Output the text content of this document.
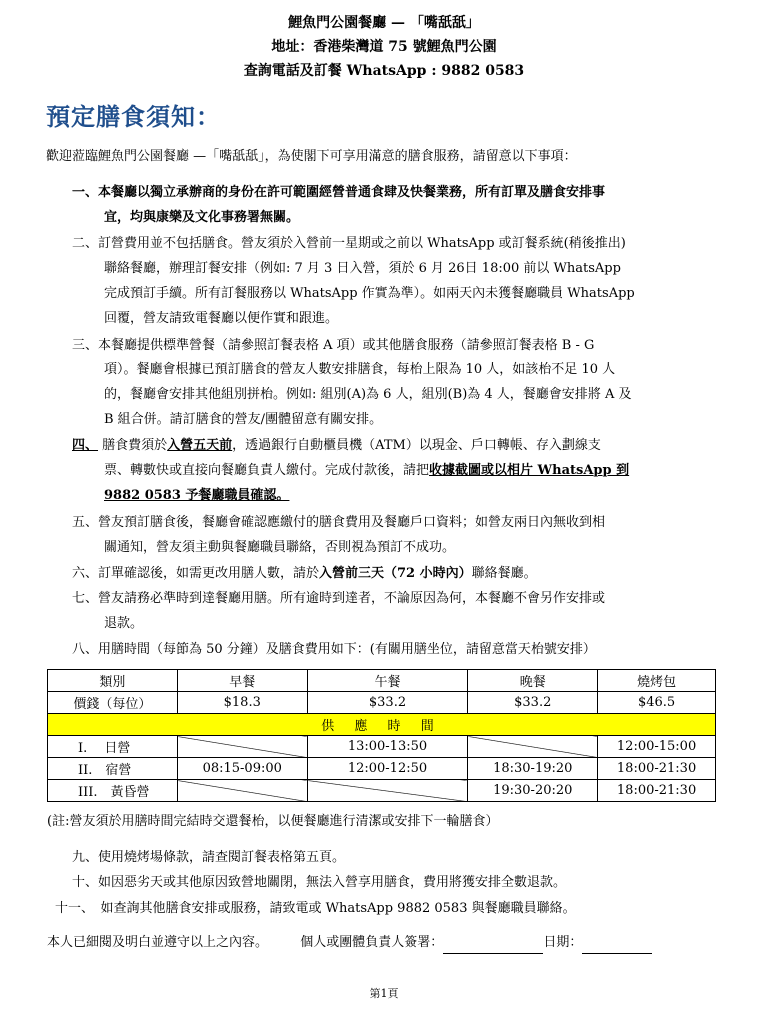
鯉魚門公園餐廳 — 「嘴舐舐」
地址：香港柴灣道 75 號鯉魚門公園
查詢電話及訂餐 WhatsApp : 9882 0583
預定膳食須知：
歡迎蒞臨鯉魚門公園餐廳 —「嘴舐舐」，為使閣下可享用滿意的膳食服務，請留意以下事項：
一、本餐廳以獨立承辦商的身份在許可範圍經營普通食肆及快餐業務，所有訂單及膳食安排事
宜，均與康樂及文化事務署無關。
二、訂營費用並不包括膳食。營友須於入營前一星期或之前以 WhatsApp 或訂餐系統(稍後推出)
聯絡餐廳，辦理訂餐安排（例如: 7 月 3 日入營，須於 6 月 26日 18:00 前以 WhatsApp
完成預訂手續。所有訂餐服務以 WhatsApp 作實為準）。如兩天內未獲餐廳職員 WhatsApp
回覆，營友請致電餐廳以便作實和跟進。
三、本餐廳提供標準營餐（請參照訂餐表格 A 項）或其他膳食服務（請參照訂餐表格 B - G
項）。餐廳會根據已預訂膳食的營友人數安排膳食，每枱上限為 10 人，如該枱不足 10 人
的，餐廳會安排其他組別拼枱。例如: 組別(A)為 6 人，組別(B)為 4 人，餐廳會安排將 A 及
B 組合併。請訂膳食的營友/團體留意有關安排。
四、 膳食費須於入營五天前，透過銀行自動櫃員機（ATM）以現金、戶口轉帳、存入劃線支
票、轉數快或直接向餐廳負責人繳付。完成付款後，請把收據截圖或以相片 WhatsApp 到
9882 0583 予餐廳職員確認。
五、營友預訂膳食後，餐廳會確認應繳付的膳食費用及餐廳戶口資料；如營友兩日內無收到相
關通知，營友須主動與餐廳職員聯絡，否則視為預訂不成功。
六、訂單確認後，如需更改用膳人數，請於入營前三天（72 小時內）聯絡餐廳。
七、營友請務必準時到達餐廳用膳。所有逾時到達者，不論原因為何，本餐廳不會另作安排或
退款。
八、用膳時間（每節為 50 分鐘）及膳食費用如下：(有關用膳坐位，請留意當天枱號安排）
類別	早餐	午餐	晚餐	燒烤包
價錢（每位）	$18.3	$33.2	$33.2	$46.5
供 應 時 間				
I.　 日營		13:00-13:50		12:00-15:00
II.　宿營	08:15-09:00	12:00-12:50	18:30-19:20	18:00-21:30
III.　黃昏營			19:30-20:20	18:00-21:30
(註:營友須於用膳時間完結時交還餐枱，以便餐廳進行清潔或安排下一輪膳食）
九、使用燒烤場條款，請查閱訂餐表格第五頁。
十、如因惡劣天或其他原因致營地關閉，無法入營享用膳食，費用將獲安排全數退款。
十一、　如查詢其他膳食安排或服務，請致電或 WhatsApp 9882 0583 與餐廳職員聯絡。
本人已細閱及明白並遵守以上之內容。 個人或團體負責人簽署：	日期：
第1頁
